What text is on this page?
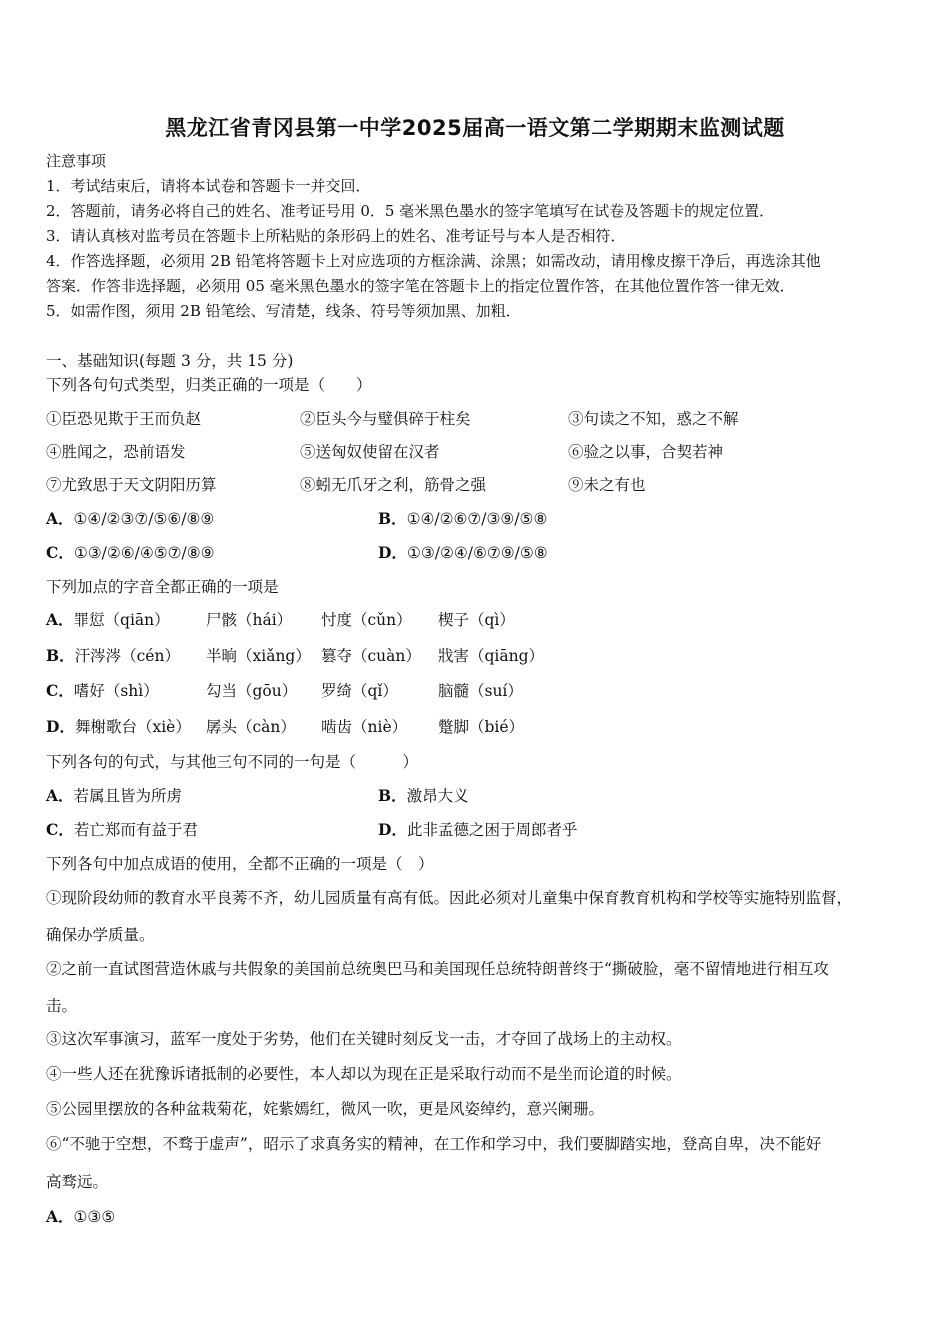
黑龙江省青冈县第一中学2025届高一语文第二学期期末监测试题
注意事项
1．考试结束后，请将本试卷和答题卡一并交回．
2．答题前，请务必将自己的姓名、准考证号用 0．5 毫米黑色墨水的签字笔填写在试卷及答题卡的规定位置．
3．请认真核对监考员在答题卡上所粘贴的条形码上的姓名、准考证号与本人是否相符．
4．作答选择题，必须用 2B 铅笔将答题卡上对应选项的方框涂满、涂黑；如需改动，请用橡皮擦干净后，再选涂其他
答案．作答非选择题，必须用 05 毫米黑色墨水的签字笔在答题卡上的指定位置作答，在其他位置作答一律无效．
5．如需作图，须用 2B 铅笔绘、写清楚，线条、符号等须加黑、加粗．
一、基础知识(每题 3 分，共 15 分)
下列各句句式类型，归类正确的一项是（　　）
①臣恐见欺于王而负赵	②臣头今与璧俱碎于柱矣	③句读之不知，惑之不解
④胜闻之，恐前语发	⑤送匈奴使留在汉者	⑥验之以事，合契若神
⑦尤致思于天文阴阳历算	⑧蚓无爪牙之利，筋骨之强	⑨未之有也
A．①④/②③⑦/⑤⑥/⑧⑨	B．①④/②⑥⑦/③⑨/⑤⑧
C．①③/②⑥/④⑤⑦/⑧⑨	D．①③/②④/⑥⑦⑨/⑤⑧
下列加点的字音全都正确的一项是
A．罪愆（qiān） 尸骸（hái） 忖度（cǔn） 楔子（qì）
B．汗涔涔（cén） 半晌（xiǎng） 篡夺（cuàn） 戕害（qiāng）
C．嗜好（shì）	勾当（gōu） 罗绮（qǐ）	脑髓（suí）
D．舞榭歌台（xiè） 孱头（càn） 啮齿（niè） 蹩脚（bié）
下列各句的句式，与其他三句不同的一句是（　　　）
A．若属且皆为所虏	B．激昂大义
C．若亡郑而有益于君	D．此非孟德之困于周郎者乎
下列各句中加点成语的使用，全都不正确的一项是（　）
①现阶段幼师的教育水平良莠不齐，幼儿园质量有高有低。因此必须对儿童集中保育教育机构和学校等实施特别监督，
确保办学质量。
②之前一直试图营造休戚与共假象的美国前总统奥巴马和美国现任总统特朗普终于“撕破脸，毫不留情地进行相互攻
击。
③这次军事演习，蓝军一度处于劣势，他们在关键时刻反戈一击，才夺回了战场上的主动权。
④一些人还在犹豫诉诸抵制的必要性，本人却以为现在正是采取行动而不是坐而论道的时候。
⑤公园里摆放的各种盆栽菊花，姹紫嫣红，微风一吹，更是风姿绰约，意兴阑珊。
⑥“不驰于空想，不骛于虚声”，昭示了求真务实的精神，在工作和学习中，我们要脚踏实地，登高自卑，决不能好
高骛远。
A．①③⑤
